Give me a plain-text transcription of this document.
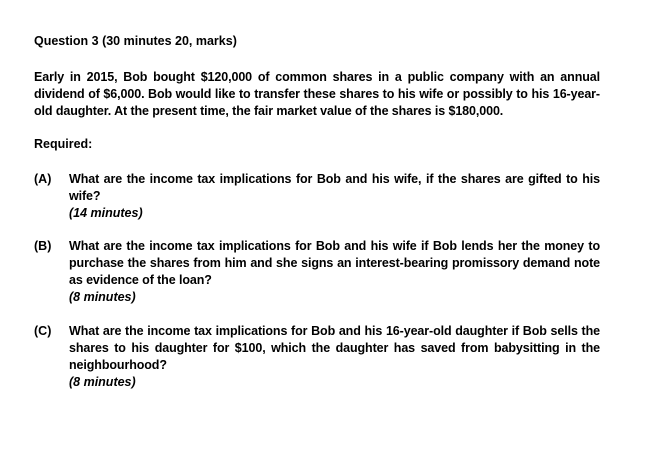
Question 3 (30 minutes 20, marks)
Early in 2015, Bob bought $120,000 of common shares in a public company with an annual dividend of $6,000. Bob would like to transfer these shares to his wife or possibly to his 16-year-old daughter. At the present time, the fair market value of the shares is $180,000.
Required:
(A) What are the income tax implications for Bob and his wife, if the shares are gifted to his wife?
(14 minutes)
(B) What are the income tax implications for Bob and his wife if Bob lends her the money to purchase the shares from him and she signs an interest-bearing promissory demand note as evidence of the loan?
(8 minutes)
(C) What are the income tax implications for Bob and his 16-year-old daughter if Bob sells the shares to his daughter for $100, which the daughter has saved from babysitting in the neighbourhood?
(8 minutes)
